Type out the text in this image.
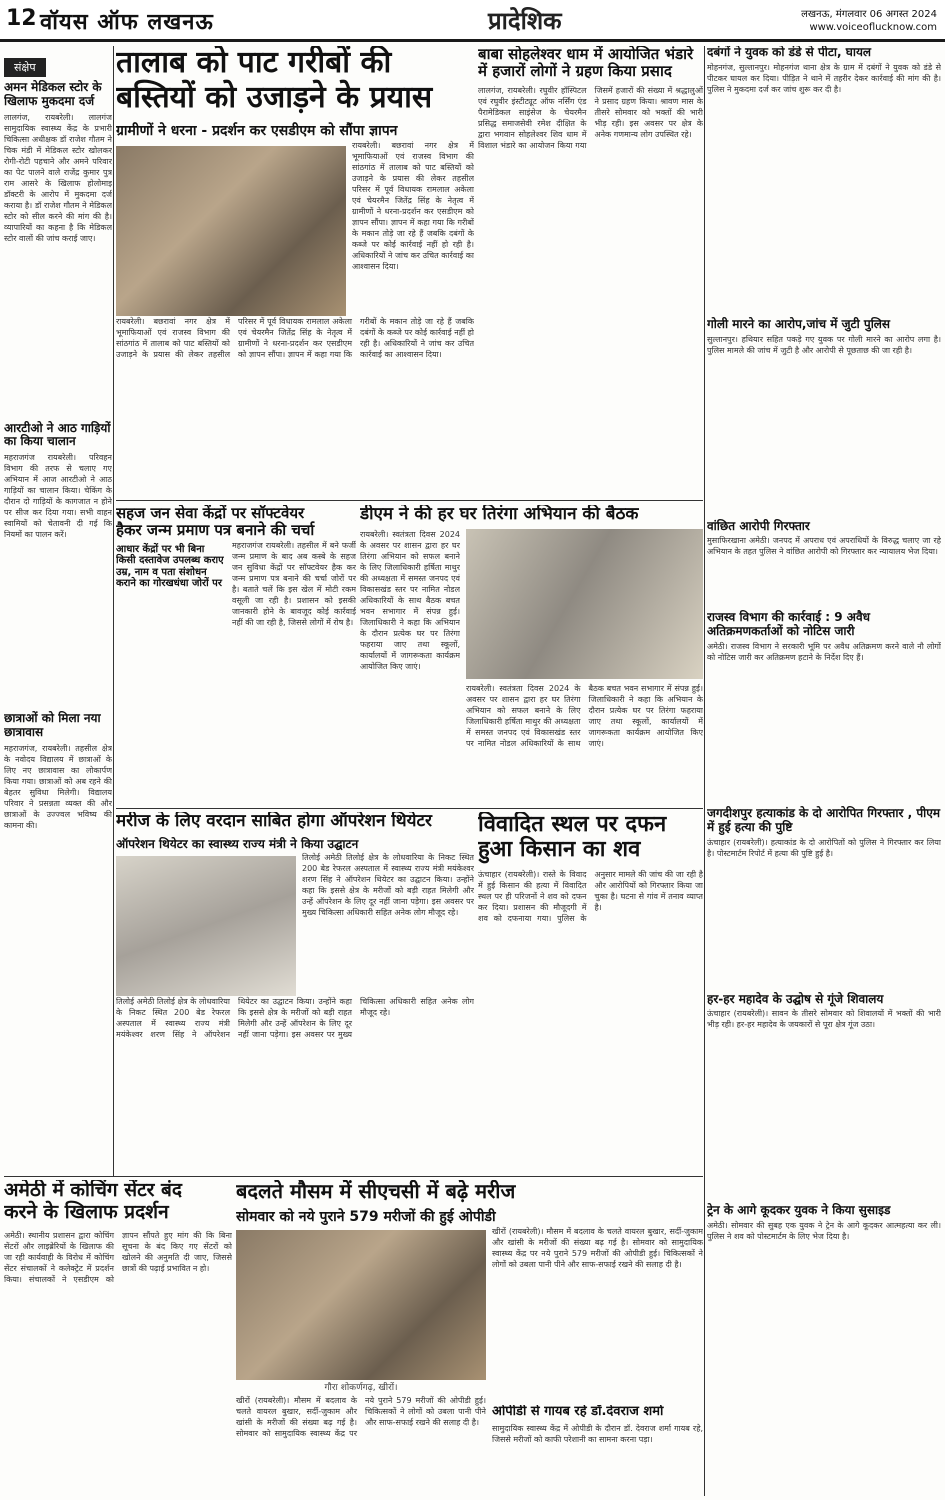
12 वॉयस ऑफ लखनऊ	प्रादेशिक	लखनऊ, मंगलवार 06 अगस्त 2024
www.voiceoflucknow.com
संक्षेप
अमन मेडिकल स्टोर के खिलाफ मुकदमा दर्ज
लालगंज, रायबरेली। लालगंज सामुदायिक स्वास्थ्य केंद्र के प्रभारी चिकित्सा अधीक्षक डॉ राजेश गौतम ने चिक मंडी में मेडिकल स्टोर खोलकर रोगी-रोटी पहचाने और अमने परिवार का पेट पालने वाले राजेंद्र कुमार पुत्र राम आसरे के खिलाफ होलोमाइ डॉक्टरी के आरोप में मुकदमा दर्ज कराया है। डॉ राजेश गौतम ने मेडिकल स्टोर को सील करने की मांग की है। व्यापारियों का कहना है कि मेडिकल स्टोर वालों की जांच कराई जाए।
आरटीओ ने आठ गाड़ियों का किया चालान
महराजगंज रायबरेली। परिवहन विभाग की तरफ से चलाए गए अभियान में आज आरटीओ ने आठ गाड़ियों का चालान किया। चेकिंग के दौरान दो गाड़ियों के कागजात न होने पर सीज कर दिया गया। सभी वाहन स्वामियों को चेतावनी दी गई कि नियमों का पालन करें।
छात्राओं को मिला नया छात्रावास
महराजगंज, रायबरेली। तहसील क्षेत्र के नवोदय विद्यालय में छात्राओं के लिए नए छात्रावास का लोकार्पण किया गया। छात्राओं को अब रहने की बेहतर सुविधा मिलेगी। विद्यालय परिवार ने प्रसन्नता व्यक्त की और छात्राओं के उज्ज्वल भविष्य की कामना की।
तालाब को पाट गरीबों की
बस्तियों को उजाड़ने के प्रयास
ग्रामीणों ने धरना - प्रदर्शन कर एसडीएम को सौंपा ज्ञापन
रायबरेली। बछरावां नगर क्षेत्र में भूमाफियाओं एवं राजस्व विभाग की सांठगांठ में तालाब को पाट बस्तियों को उजाड़ने के प्रयास की लेकर तहसील परिसर में पूर्व विधायक रामलाल अकेला एवं चेयरमैन जितेंद्र सिंह के नेतृत्व में ग्रामीणों ने धरना-प्रदर्शन कर एसडीएम को ज्ञापन सौंपा। ज्ञापन में कहा गया कि गरीबों के मकान तोड़े जा रहे हैं जबकि दबंगों के कब्जे पर कोई कार्रवाई नहीं हो रही है। अधिकारियों ने जांच कर उचित कार्रवाई का आश्वासन दिया।
रायबरेली। बछरावां नगर क्षेत्र में भूमाफियाओं एवं राजस्व विभाग की सांठगांठ में तालाब को पाट बस्तियों को उजाड़ने के प्रयास की लेकर तहसील परिसर में पूर्व विधायक रामलाल अकेला एवं चेयरमैन जितेंद्र सिंह के नेतृत्व में ग्रामीणों ने धरना-प्रदर्शन कर एसडीएम को ज्ञापन सौंपा। ज्ञापन में कहा गया कि गरीबों के मकान तोड़े जा रहे हैं जबकि दबंगों के कब्जे पर कोई कार्रवाई नहीं हो रही है। अधिकारियों ने जांच कर उचित कार्रवाई का आश्वासन दिया।
बाबा सोहलेश्वर धाम में आयोजित भंडारे
में हजारों लोगों ने ग्रहण किया प्रसाद
लालगंज, रायबरेली। रघुवीर हॉस्पिटल एवं रघुवीर इंस्टीट्यूट ऑफ नर्सिंग एंड पैरामेडिकल साइंसेज के चेयरमैन प्रसिद्ध समाजसेवी रमेश दीक्षित के द्वारा भगवान सोहलेश्वर शिव धाम में विशाल भंडारे का आयोजन किया गया जिसमें हजारों की संख्या में श्रद्धालुओं ने प्रसाद ग्रहण किया। श्रावण मास के तीसरे सोमवार को भक्तों की भारी भीड़ रही। इस अवसर पर क्षेत्र के अनेक गणमान्य लोग उपस्थित रहे।
सहज जन सेवा केंद्रों पर सॉफ्टवेयर
हैकर जन्म प्रमाण पत्र बनाने की चर्चा
आधार केंद्रों पर भी बिना किसी दस्तावेज उपलब्ध कराए उम्र, नाम व पता संशोधन कराने का गोरखधंधा जोरों पर
महराजगंज रायबरेली। तहसील में बने फर्जी जन्म प्रमाण के बाद अब कस्बे के सहज जन सुविधा केंद्रों पर सॉफ्टवेयर हैक कर जन्म प्रमाण पत्र बनाने की चर्चा जोरों पर है। बताते चलें कि इस खेल में मोटी रकम वसूली जा रही है। प्रशासन को इसकी जानकारी होने के बावजूद कोई कार्रवाई नहीं की जा रही है, जिससे लोगों में रोष है।
डीएम ने की हर घर तिरंगा अभियान की बैठक
रायबरेली। स्वतंत्रता दिवस 2024 के अवसर पर शासन द्वारा हर घर तिरंगा अभियान को सफल बनाने के लिए जिलाधिकारी हर्षिता माथुर की अध्यक्षता में समस्त जनपद एवं विकासखंड स्तर पर नामित नोडल अधिकारियों के साथ बैठक बचत भवन सभागार में संपन्न हुई। जिलाधिकारी ने कहा कि अभियान के दौरान प्रत्येक घर पर तिरंगा फहराया जाए तथा स्कूलों, कार्यालयों में जागरूकता कार्यक्रम आयोजित किए जाएं।
रायबरेली। स्वतंत्रता दिवस 2024 के अवसर पर शासन द्वारा हर घर तिरंगा अभियान को सफल बनाने के लिए जिलाधिकारी हर्षिता माथुर की अध्यक्षता में समस्त जनपद एवं विकासखंड स्तर पर नामित नोडल अधिकारियों के साथ बैठक बचत भवन सभागार में संपन्न हुई। जिलाधिकारी ने कहा कि अभियान के दौरान प्रत्येक घर पर तिरंगा फहराया जाए तथा स्कूलों, कार्यालयों में जागरूकता कार्यक्रम आयोजित किए जाएं।
मरीज के लिए वरदान साबित होगा ऑपरेशन थियेटर
ऑपरेशन थियेटर का स्वास्थ्य राज्य मंत्री ने किया उद्घाटन
तिलोई अमेठी तिलोई क्षेत्र के लोधवारिया के निकट स्थित 200 बेड रेफरल अस्पताल में स्वास्थ्य राज्य मंत्री मयंकेश्वर शरण सिंह ने ऑपरेशन थियेटर का उद्घाटन किया। उन्होंने कहा कि इससे क्षेत्र के मरीजों को बड़ी राहत मिलेगी और उन्हें ऑपरेशन के लिए दूर नहीं जाना पड़ेगा। इस अवसर पर मुख्य चिकित्सा अधिकारी सहित अनेक लोग मौजूद रहे।
तिलोई अमेठी तिलोई क्षेत्र के लोधवारिया के निकट स्थित 200 बेड रेफरल अस्पताल में स्वास्थ्य राज्य मंत्री मयंकेश्वर शरण सिंह ने ऑपरेशन थियेटर का उद्घाटन किया। उन्होंने कहा कि इससे क्षेत्र के मरीजों को बड़ी राहत मिलेगी और उन्हें ऑपरेशन के लिए दूर नहीं जाना पड़ेगा। इस अवसर पर मुख्य चिकित्सा अधिकारी सहित अनेक लोग मौजूद रहे।
विवादित स्थल पर दफन
हुआ किसान का शव
ऊंचाहार (रायबरेली)। रास्ते के विवाद में हुई किसान की हत्या में विवादित स्थल पर ही परिजनों ने शव को दफन कर दिया। प्रशासन की मौजूदगी में शव को दफनाया गया। पुलिस के अनुसार मामले की जांच की जा रही है और आरोपियों को गिरफ्तार किया जा चुका है। घटना से गांव में तनाव व्याप्त है।
अमेठी में कोचिंग सेंटर बंद
करने के खिलाफ प्रदर्शन
अमेठी। स्थानीय प्रशासन द्वारा कोचिंग सेंटरों और लाइब्रेरियों के खिलाफ की जा रही कार्यवाही के विरोध में कोचिंग सेंटर संचालकों ने कलेक्ट्रेट में प्रदर्शन किया। संचालकों ने एसडीएम को ज्ञापन सौंपते हुए मांग की कि बिना सूचना के बंद किए गए सेंटरों को खोलने की अनुमति दी जाए, जिससे छात्रों की पढ़ाई प्रभावित न हो।
बदलते मौसम में सीएचसी में बढ़े मरीज
सोमवार को नये पुराने 579 मरीजों की हुई ओपीडी
खीरों (रायबरेली)। मौसम में बदलाव के चलते वायरल बुखार, सर्दी-जुकाम और खांसी के मरीजों की संख्या बढ़ गई है। सोमवार को सामुदायिक स्वास्थ्य केंद्र पर नये पुराने 579 मरीजों की ओपीडी हुई। चिकित्सकों ने लोगों को उबला पानी पीने और साफ-सफाई रखने की सलाह दी है।
गौरा शोकर्णगढ़, खीरों।
खीरों (रायबरेली)। मौसम में बदलाव के चलते वायरल बुखार, सर्दी-जुकाम और खांसी के मरीजों की संख्या बढ़ गई है। सोमवार को सामुदायिक स्वास्थ्य केंद्र पर नये पुराने 579 मरीजों की ओपीडी हुई। चिकित्सकों ने लोगों को उबला पानी पीने और साफ-सफाई रखने की सलाह दी है।
ओपीडी से गायब रहे डॉ.देवराज शर्मा
सामुदायिक स्वास्थ्य केंद्र में ओपीडी के दौरान डॉ. देवराज शर्मा गायब रहे, जिससे मरीजों को काफी परेशानी का सामना करना पड़ा।
दबंगों ने युवक को डंडे से पीटा, घायल
मोहनगंज, सुल्तानपुर। मोहनगंज थाना क्षेत्र के ग्राम में दबंगों ने युवक को डंडे से पीटकर घायल कर दिया। पीड़ित ने थाने में तहरीर देकर कार्रवाई की मांग की है। पुलिस ने मुकदमा दर्ज कर जांच शुरू कर दी है।
गोली मारने का आरोप,जांच में जुटी पुलिस
सुल्तानपुर। हथियार सहित पकड़े गए युवक पर गोली मारने का आरोप लगा है। पुलिस मामले की जांच में जुटी है और आरोपी से पूछताछ की जा रही है।
वांछित आरोपी गिरफ्तार
मुसाफिरखाना अमेठी। जनपद में अपराध एवं अपराधियों के विरुद्ध चलाए जा रहे अभियान के तहत पुलिस ने वांछित आरोपी को गिरफ्तार कर न्यायालय भेज दिया।
राजस्व विभाग की कार्रवाई : 9 अवैध अतिक्रमणकर्ताओं को नोटिस जारी
अमेठी। राजस्व विभाग ने सरकारी भूमि पर अवैध अतिक्रमण करने वाले नौ लोगों को नोटिस जारी कर अतिक्रमण हटाने के निर्देश दिए हैं।
जगदीशपुर हत्याकांड के दो आरोपित गिरफ्तार , पीएम में हुई हत्या की पुष्टि
ऊंचाहार (रायबरेली)। हत्याकांड के दो आरोपितों को पुलिस ने गिरफ्तार कर लिया है। पोस्टमार्टम रिपोर्ट में हत्या की पुष्टि हुई है।
हर-हर महादेव के उद्घोष से गूंजे शिवालय
ऊंचाहार (रायबरेली)। सावन के तीसरे सोमवार को शिवालयों में भक्तों की भारी भीड़ रही। हर-हर महादेव के जयकारों से पूरा क्षेत्र गूंज उठा।
ट्रेन के आगे कूदकर युवक ने किया सुसाइड
अमेठी। सोमवार की सुबह एक युवक ने ट्रेन के आगे कूदकर आत्महत्या कर ली। पुलिस ने शव को पोस्टमार्टम के लिए भेज दिया है।
